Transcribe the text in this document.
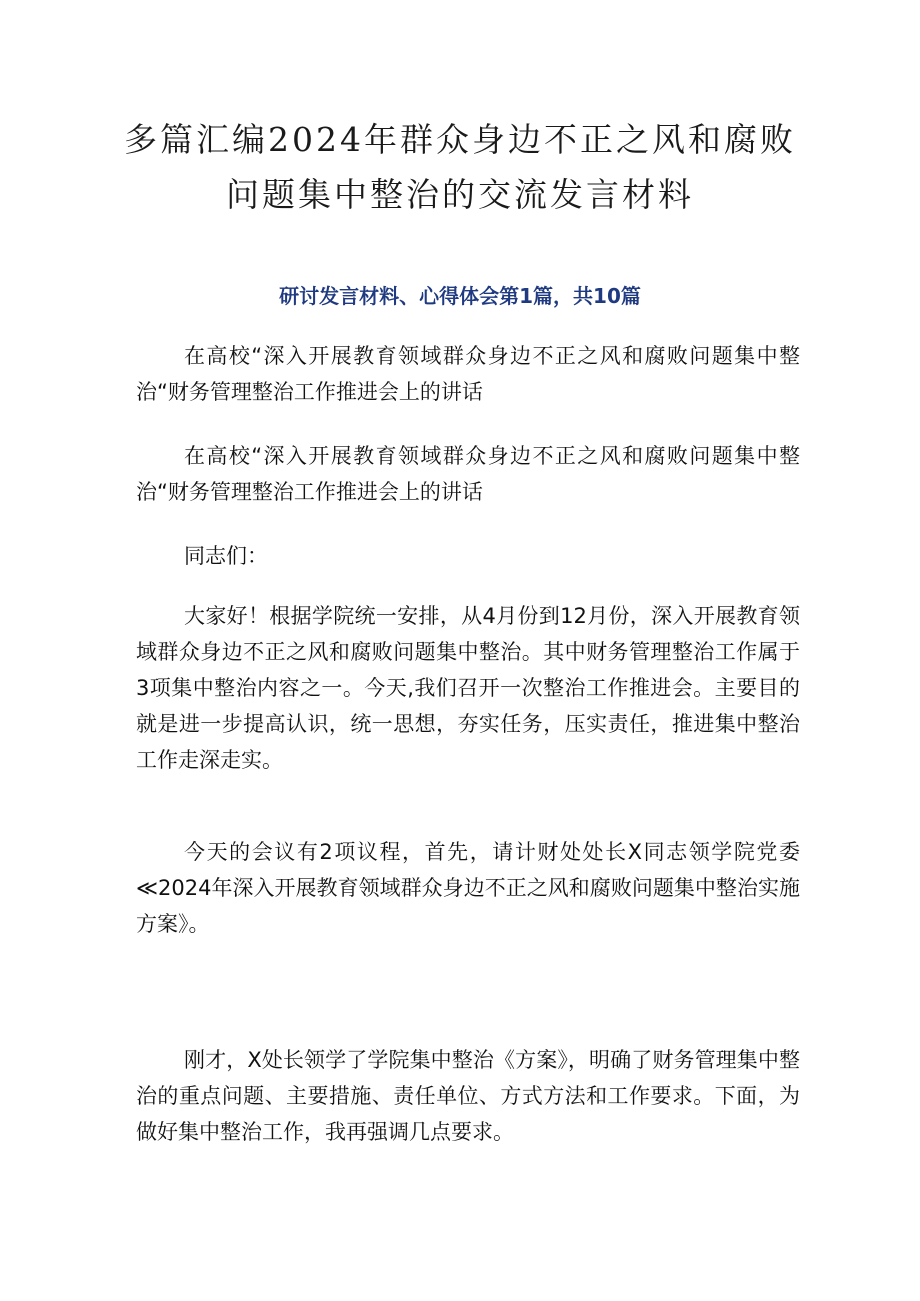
多篇汇编2024年群众身边不正之风和腐败
问题集中整治的交流发言材料
研讨发言材料、心得体会第1篇，共10篇

在高校“深入开展教育领域群众身边不正之风和腐败问题集中整治“财务管理整治工作推进会上的讲话

在高校“深入开展教育领域群众身边不正之风和腐败问题集中整治“财务管理整治工作推进会上的讲话

同志们：

大家好！根据学院统一安排，从4月份到12月份，深入开展教育领域群众身边不正之风和腐败问题集中整治。其中财务管理整治工作属于3项集中整治内容之一。今天,我们召开一次整治工作推进会。主要目的就是进一步提高认识，统一思想，夯实任务，压实责任，推进集中整治工作走深走实。

今天的会议有2项议程，首先，请计财处处长X同志领学院党委≪2024年深入开展教育领域群众身边不正之风和腐败问题集中整治实施方案》。

刚才，X处长领学了学院集中整治《方案》，明确了财务管理集中整治的重点问题、主要措施、责任单位、方式方法和工作要求。下面，为做好集中整治工作，我再强调几点要求。
